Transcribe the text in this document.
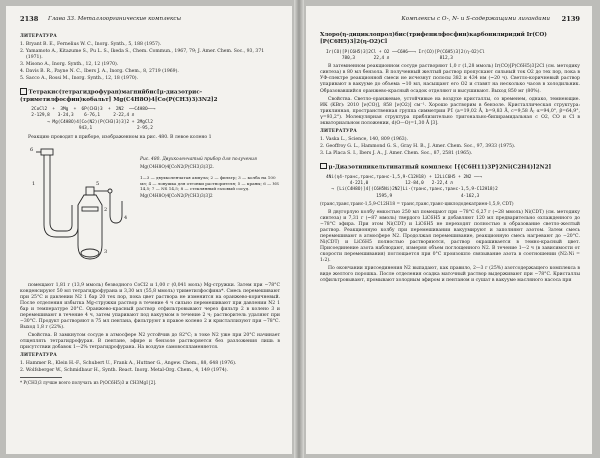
2138 Глава 33. Металлоорганические комплексы
ЛИТЕРАТУРА
1. Bryant B. E., Fernelius W. C., Inorg. Synth., 5, 188 (1957).
2. Yamamoto A., Kitazume S., Pu L. S., Ikeda S., Chem. Commun., 1967, 79; J. Amer. Chem. Soc., 93, 371 (1971).
3. Misono A., Inorg. Synth., 12, 12 (1970).
4. Davis B. R., Payne N. C., Ibers J. A., Inorg. Chem., 8, 2719 (1969).
5. Sacco A., Rossi M., Inorg. Synth., 12, 18 (1970).
Тетракис(тетрагидрофуран)магнийбис[μ-диазотрис-(триметилфосфин)кобальт] Mg(C4H8O)4[Co(P(CH3)3)3N2]2
2CoCl2  +  3Mg  +  6P(CH3)3  +  2N2  ──C4H8O──→
2·129,8   3·24,3    6·76,1     2·22,4 л
→ Mg(C4H8O)4[Co(N2)(P(CH3)3)3]2 + 2MgCl2
943,1                 2·95,2
Реакцию проводят в приборе, изображенном на рис. 480. В левое колено 1
1
2
3
4
5
6
Рис. 480. Двухколенчатый прибор для получения
Mg(C4H8O)4[CoN2(P(CH3)3)3]2.
1—3 — двухколенчатая ампула; 2 — фильтр; 3 — колба на 100 мл; 4 — ловушка для отгонки растворителя; 5 — краны; 6 — NS 14,5; 7 — NS 14,5; 8 — стеклянный газовый сосуд.
Mg(C4H8O)4[CoN2(P(CH3)3)3]2
помещают 1,81 г (13,9 ммоль) безводного CoCl2 и 1,00 г (0,041 моль) Mg-стружки. Затем при −78°С конденсируют 50 мл тетрагидрофурана и 3,30 мл (55,8 ммоль) триметилфосфина*. Смесь перемешивают при 25°С и давлении N2 1 бар 20 тех пор, пока цвет раствора не изменится на оранжево-коричневый. После отделения избытка Mg-стружки раствор в течение 4 ч сильно перемешивают при давлении N2 1 бар и температуре 20°С. Оранжево-красный раствор отфильтровывают через фильтр 2 в колено 3 и перемешивают в течение 4 ч, затем упаривают под вакуумом в течение 2 ч; растворитель удаляют при −30°С. Продукт растворяют в 75 мл пентана, фильтруют в правое колено 2 и кристаллизуют при −78°С. Выход 1,8 г (22%).
Свойства. В замкнутом сосуде в атмосфере N2 устойчив до 82°С; в токе N2 уже при 20°С начинает отщеплять тетрагидрофуран. В пентане, эфире и бензоле растворяется без разложения лишь в присутствии добавок 1—2% тетрагидрофурана. На воздухе самовоспламеняется.
ЛИТЕРАТУРА
1. Hammer R., Klein H.-F., Schubert U., Frank A., Huttner G., Angew. Chem., 88, 648 (1976).
2. Wolfsberger W., Schmidbaur H., Synth. React. Inorg. Metal-Org. Chem., 4, 149 (1974).
* P(CH3)3 лучше всего получать из P(OC6H5)3 и CH3MgI [2].
Комплексы с O-, N- и S-содержащими лигандами 2139
Хлоро(η-дициклопрол)бис(трифенилфосфин)карбонилиридий Ir(CO)[P(C6H5)3]2(η-O2)Cl
Ir(CO)[P(C6H5)3]2Cl + O2 ──C6H6──→ Ir(CO)[P(C6H5)3]2(η-O2)Cl
780,3       22,4 л                   812,3
В затемненном реакционном сосуде растворяют 1,0 г (1,28 ммоль) Ir(CO)[P(C6H5)3]2Cl (см. методику синтеза) в 80 мл бензола. В полученный желтый раствор пропускают сильный ток O2 до тех пор, пока в УФ-спектре реакционной смеси не исчезнут полосы 382 и 434 нм (~20 ч). Светло-коричневый раствор упаривают в вакууме до объема ~10 мл, насыщают его O2 и ставят на несколько часов в холодильник. Образовавшийся оранжево-красный осадок отделяют и высушивают. Выход 850 мг (80%).
Свойства. Светло-оранжевые, устойчивые на воздухе кристаллы, со временем, однако, темнеющие. ИК (KBr): 2010 [ν(CO)], 858 [ν(O2)] см⁻¹. Хорошо растворим в бензоле. Кристаллическая структура: триклинная, пространственная группа симметрии P1̄ (a=19,02 Å, b=9,83 Å, c=9,58 Å; α=94,0°, β=64,9°, γ=93,2°). Молекулярная структура приблизительно тригонально-бипирамидальная с O2, CO и Cl в экваториальном положении, d(O—O)=1,30 Å [3].
ЛИТЕРАТУРА
1. Vaska L., Science, 140, 809 (1963).
2. Geoffroy G. L., Hammond G. S., Gray H. B., J. Amer. Chem. Soc., 97, 3933 (1975).
3. La Placa S. I., Ibers J. A., J. Amer. Chem. Soc., 87, 2581 (1965).
μ-Диазотиникельтинатный комплекс [{(C6H11)3P}2Ni(C2H4)]2N2]
4Ni(η4-транс,транс,транс-1,5,9-C12H18) + 12LiC6H5 + 2N2 ──→
4·221,0              12·84,0   2·22,4 л
→ [Li(C4H8O)]4[(C6H5Ni)2N2]Li·(транс,транс,транс-1,5,9-C12H18)2
1595,9                          4·162,3
(транс,транс,транс-1,5,9-C12H18 = транс,транс,транс-циклододекатриен-1,5,9, CDT)
В двугорлую колбу емкостью 250 мл помещают при −78°С 6,27 г (~28 ммоль) Ni(CDT) (см. методику синтеза) и 7,31 г (~87 ммоль) твердого LiC6H5 и добавляют 120 мл предварительно охлажденного до −78°С эфира. При этом Ni(CDT) и LiC6H5 не переходят полностью в образование светло-желтый раствор. Реакционную колбу при перемешивании вакуумируют и заполняют азотом. Затем смесь перемешивают в атмосфере N2. Продолжая перемешивание, реакционную смесь нагревают до −20°С. Ni(CDT) и LiC6H5 полностью растворяются, раствор окрашивается в темно-красный цвет. Присоединение азота наблюдают, измеряя объем поглощенного N2. В течение 1—2 ч (в зависимости от скорости перемешивания) поглощается при 0°С произошло связывание азота в соотношении (N2:Ni = 1:2).
По окончании присоединения N2 выпадают, как правило, 2—3 г (25%) азотсодержащего комплекса в виде желтого порошка. После отделения осадка маточный раствор выдерживают при −78°С. Кристаллы отфильтровывают, промывают холодным эфиром и пентаном и сушат в вакууме масляного насоса при
